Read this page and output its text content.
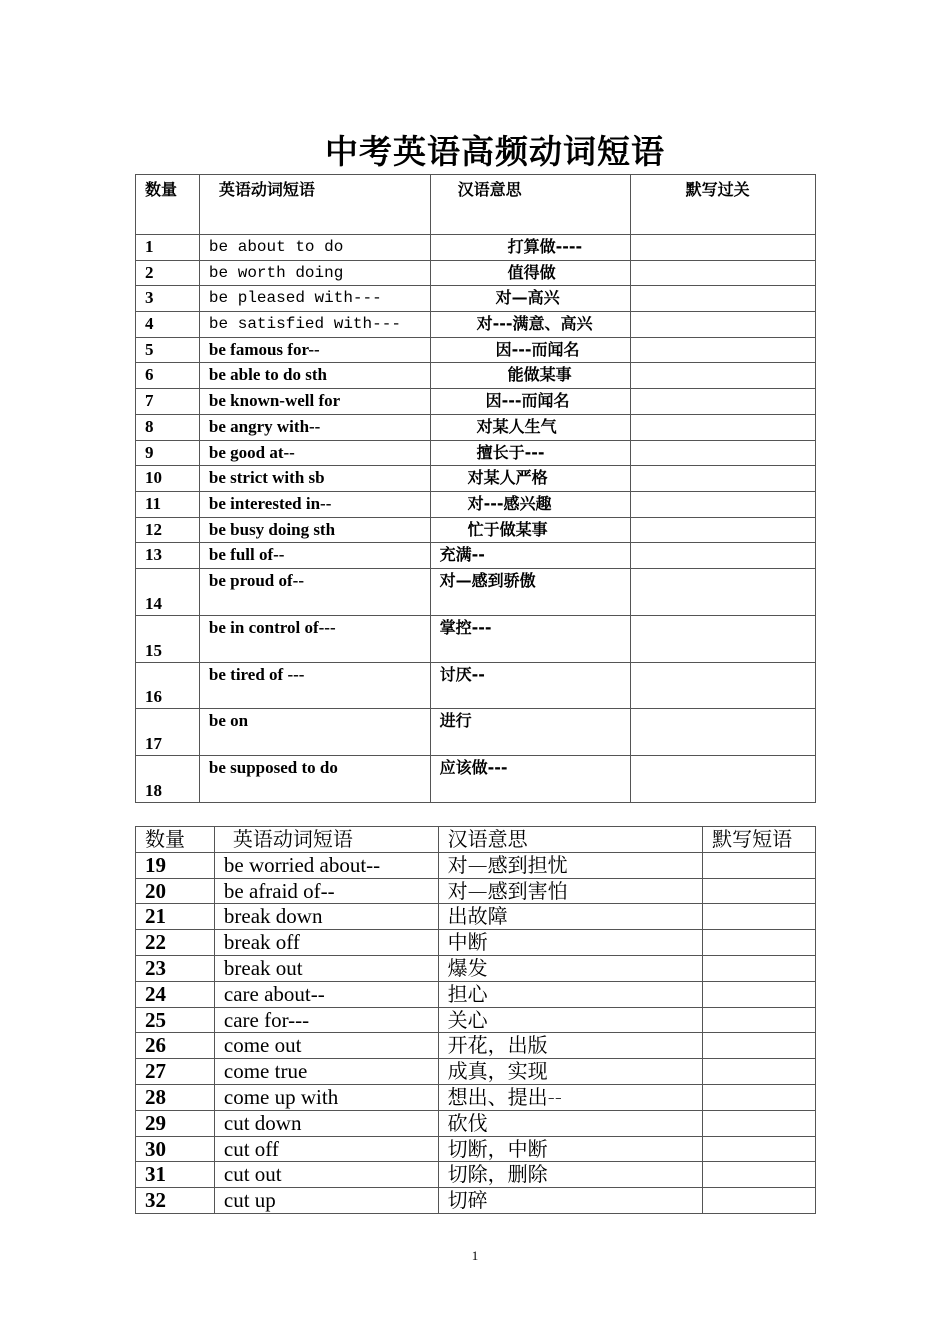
中考英语高频动词短语
数量	英语动词短语	汉语意思	默写过关

1	be about to do	打算做----	
2	be worth doing	值得做	
3	be pleased with---	对—高兴	
4	be satisfied with---	对---满意、高兴	
5	be famous for--	因---而闻名	
6	be able to do sth	能做某事	
7	be known-well for	因---而闻名	
8	be angry with--	对某人生气	
9	be good at--	擅长于---	
10	be strict with sb	对某人严格	
11	be interested in--	对---感兴趣	
12	be busy doing sth	忙于做某事	
13	be full of--	充满--	
14	be proud of--	对—感到骄傲	
15	be in control of---	掌控---	
16	be tired of ---	讨厌--	
17	be on	进行	
18	be supposed to do	应该做---	
数量	英语动词短语	汉语意思	默写短语
19	be worried about--	对—感到担忧	
20	be afraid of--	对—感到害怕	
21	break down	出故障	
22	break off	中断	
23	break out	爆发	
24	care about--	担心	
25	care for---	关心	
26	come out	开花，出版	
27	come true	成真，实现	
28	come up with	想出、提出--	
29	cut down	砍伐	
30	cut off	切断，中断	
31	cut out	切除，删除	
32	cut up	切碎	
1
